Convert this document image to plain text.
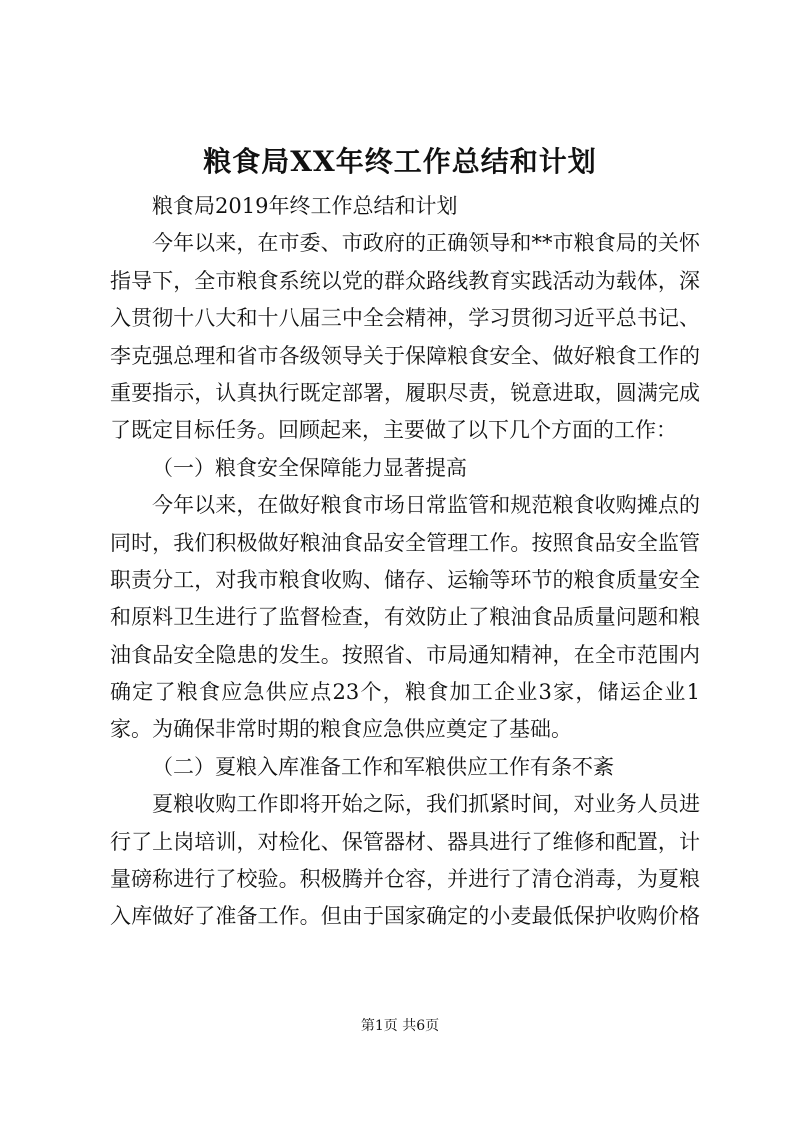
粮食局XX年终工作总结和计划
粮食局2019年终工作总结和计划
今年以来，在市委、市政府的正确领导和**市粮食局的关怀
指导下，全市粮食系统以党的群众路线教育实践活动为载体，深
入贯彻十八大和十八届三中全会精神，学习贯彻习近平总书记、
李克强总理和省市各级领导关于保障粮食安全、做好粮食工作的
重要指示，认真执行既定部署，履职尽责，锐意进取，圆满完成
了既定目标任务。回顾起来，主要做了以下几个方面的工作：
（一）粮食安全保障能力显著提高
今年以来，在做好粮食市场日常监管和规范粮食收购摊点的
同时，我们积极做好粮油食品安全管理工作。按照食品安全监管
职责分工，对我市粮食收购、储存、运输等环节的粮食质量安全
和原料卫生进行了监督检查，有效防止了粮油食品质量问题和粮
油食品安全隐患的发生。按照省、市局通知精神，在全市范围内
确定了粮食应急供应点23个，粮食加工企业3家，储运企业1
家。为确保非常时期的粮食应急供应奠定了基础。
（二）夏粮入库准备工作和军粮供应工作有条不紊
夏粮收购工作即将开始之际，我们抓紧时间，对业务人员进
行了上岗培训，对检化、保管器材、器具进行了维修和配置，计
量磅称进行了校验。积极腾并仓容，并进行了清仓消毒，为夏粮
入库做好了准备工作。但由于国家确定的小麦最低保护收购价格
第1页 共6页
